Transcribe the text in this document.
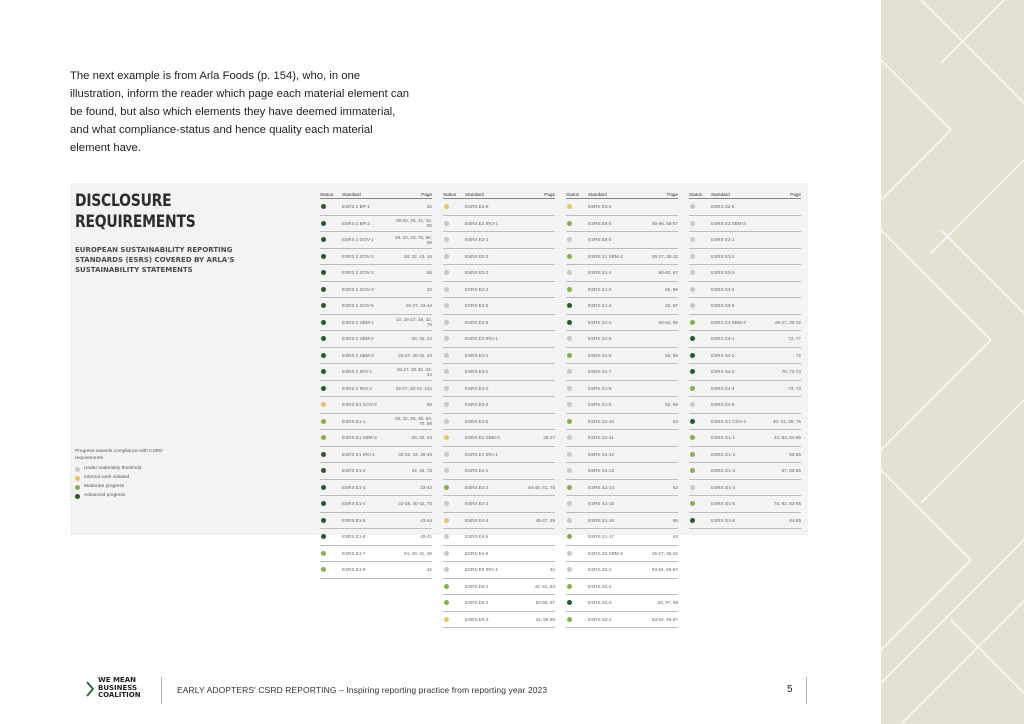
The next example is from Arla Foods (p. 154), who, in one illustration, inform the reader which page each material element can be found, but also which elements they have deemed immaterial, and what compliance-status and hence quality each material element have.

DISCLOSURE
REQUIREMENTS
EUROPEAN SUSTAINABILITY REPORTING STANDARDS (ESRS) COVERED BY ARLA'S SUSTAINABILITY STATEMENTS
Progress towards compliance with CSRD requirements
Under materiality threshold
Internal work initiated
Moderate progress
Advanced progress
Status	Standard	Page
ESRS 2 BP-1	32
ESRS 2 BP-2	39-33, 40, 41, 43, 50
ESRS 2 GOV-1	29, 42, 43, 75, 88, 86
ESRS 2 GOV-2	28, 32, 43, 16
ESRS 2 GOV-3	86
ESRS 2 GOV-4	32
ESRS 2 GOV-5	26-27, 43-44
ESRS 2 SBM-1	10, 26-27, 29, 32, 75
ESRS 2 SBM-2	30, 32, 32
ESRS 2 SBM-3	26-27, 30-32, 43
ESRS 2 IRO-1	26-27, 30-32, 43-44
ESRS 2 IRO-2	26-27, 30-32, 154
ESRS E1 GOV-3	86
ESRS E1-1	29, 32, 35, 45, 52, 70, 88
ESRS E1 SBM-3	30, 32, 43
ESRS E1 IRO-1	30-32, 34, 45-46
ESRS E1-2	34, 45, 75
ESRS E1-3	33-42
ESRS E1-4	33-38, 40-42, 75
ESRS E1-5	43-44
ESRS E1-6	40-41
ESRS E1-7	34, 40, 41, 46
ESRS E1-8	42
Status	Standard	Page
ESRS E1-9
ESRS E2 IRO-1
ESRS E2-1
ESRS E2-2
ESRS E2-3
ESRS E2-4
ESRS E2-5
ESRS E2-6
ESRS E3 IRO-1
ESRS E3-1
ESRS E3-2
ESRS E3-3
ESRS E3-4
ESRS E3-5
ESRS E4 SBM-3	26-27
ESRS E4 IRO-1
ESRS E4-1
ESRS E4-2	48-49, 51, 75
ESRS E4-3
ESRS E4-4	45-47, 49
ESRS E4-5
ESRS E4-6
ESRS E5 IRO-1	32
ESRS E5-1	42, 51, 53
ESRS E5-2	53-55, 57
ESRS E5-3	34, 55-56
Status	Standard	Page
ESRS E5-4
ESRS E5-5	55-56, 56-57
ESRS E5-6
ESRS S1 SBM-3	26-27, 30-32
ESRS S1-1	60-63, 67
ESRS S1-2	60, 66
ESRS S1-3	62, 67
ESRS S1-4	60-63, 65
ESRS S1-5
ESRS S1-6	53, 66
ESRS S1-7
ESRS S1-8
ESRS S1-9	63, 66
ESRS S1-10	63
ESRS S1-11
ESRS S1-12
ESRS S1-13
ESRS S1-14	63
ESRS S1-15
ESRS S1-16	66
ESRS S1-17	63
ESRS S2 SBM-3	26-27, 30-32
ESRS S2-1	63-64, 66-67
ESRS S2-2
ESRS S2-3	63, 67, 69
ESRS S2-4	63-64, 66-67
Status	Standard	Page
ESRS S2-5
ESRS S3 SBM-3
ESRS S3-1
ESRS S3-2
ESRS S3-3
ESRS S3-4
ESRS S3-5
ESRS S4 SBM-3	26-27, 30-32
ESRS S4-1	72, 77
ESRS S4-2	72
ESRS S4-3	70, 72-73
ESRS S4-4	73, 73
ESRS S4-5
ESRS G1 GOV-1	30, 31, 69, 75
ESRS G1-1	42, 83, 84-85
ESRS G1-2	83-85
ESRS G1-3	57, 83-85
ESRS G1-4
ESRS G1-5	75, 83, 83-85
ESRS G1-6	84-85
WE MEAN
BUSINESS
COALITION	EARLY ADOPTERS' CSRD REPORTING – Inspiring reporting practice from reporting year 2023	5
